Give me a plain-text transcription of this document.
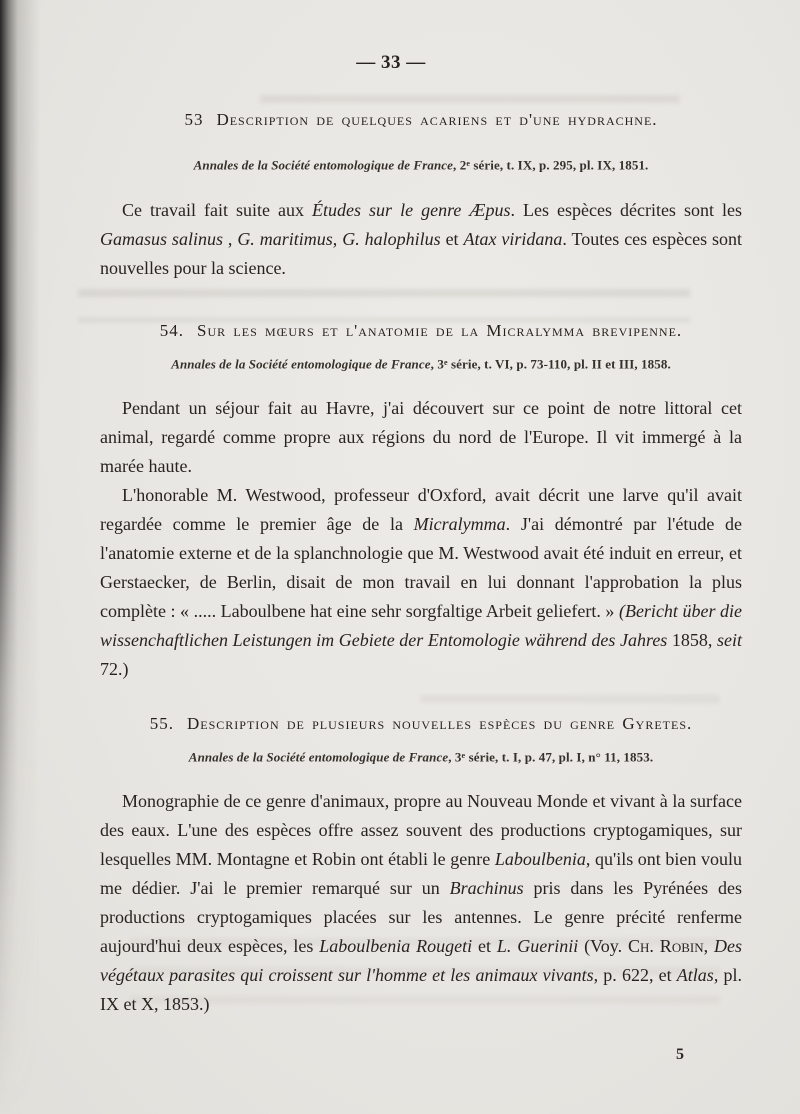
— 33 —
53 Description de quelques acariens et d'une hydrachne.

Annales de la Société entomologique de France, 2e série, t. IX, p. 295, pl. IX, 1851.

Ce travail fait suite aux Études sur le genre Æpus. Les espèces décrites sont les Gamasus salinus , G. maritimus, G. halophilus et Atax viridana. Toutes ces espèces sont nouvelles pour la science.

54. Sur les mœurs et l'anatomie de la Micralymma brevipenne.

Annales de la Société entomologique de France, 3e série, t. VI, p. 73-110, pl. II et III, 1858.

Pendant un séjour fait au Havre, j'ai découvert sur ce point de notre littoral cet animal, regardé comme propre aux régions du nord de l'Europe. Il vit immergé à la marée haute.

L'honorable M. Westwood, professeur d'Oxford, avait décrit une larve qu'il avait regardée comme le premier âge de la Micralymma. J'ai démontré par l'étude de l'anatomie externe et de la splanchnologie que M. Westwood avait été induit en erreur, et Gerstaecker, de Berlin, disait de mon travail en lui donnant l'approbation la plus complète : « ..... Laboulbene hat eine sehr sorgfaltige Arbeit geliefert. » (Bericht über die wissenchaftlichen Leistungen im Gebiete der Entomologie während des Jahres 1858, seit 72.)

55. Description de plusieurs nouvelles espèces du genre Gyretes.

Annales de la Société entomologique de France, 3e série, t. I, p. 47, pl. I, n° 11, 1853.

Monographie de ce genre d'animaux, propre au Nouveau Monde et vivant à la surface des eaux. L'une des espèces offre assez souvent des productions cryptogamiques, sur lesquelles MM. Montagne et Robin ont établi le genre Laboulbenia, qu'ils ont bien voulu me dédier. J'ai le premier remarqué sur un Brachinus pris dans les Pyrénées des productions cryptogamiques placées sur les antennes. Le genre précité renferme aujourd'hui deux espèces, les Laboulbenia Rougeti et L. Guerinii (Voy. Ch. Robin, Des végétaux parasites qui croissent sur l'homme et les animaux vivants, p. 622, et Atlas, pl. IX et X, 1853.)

5
